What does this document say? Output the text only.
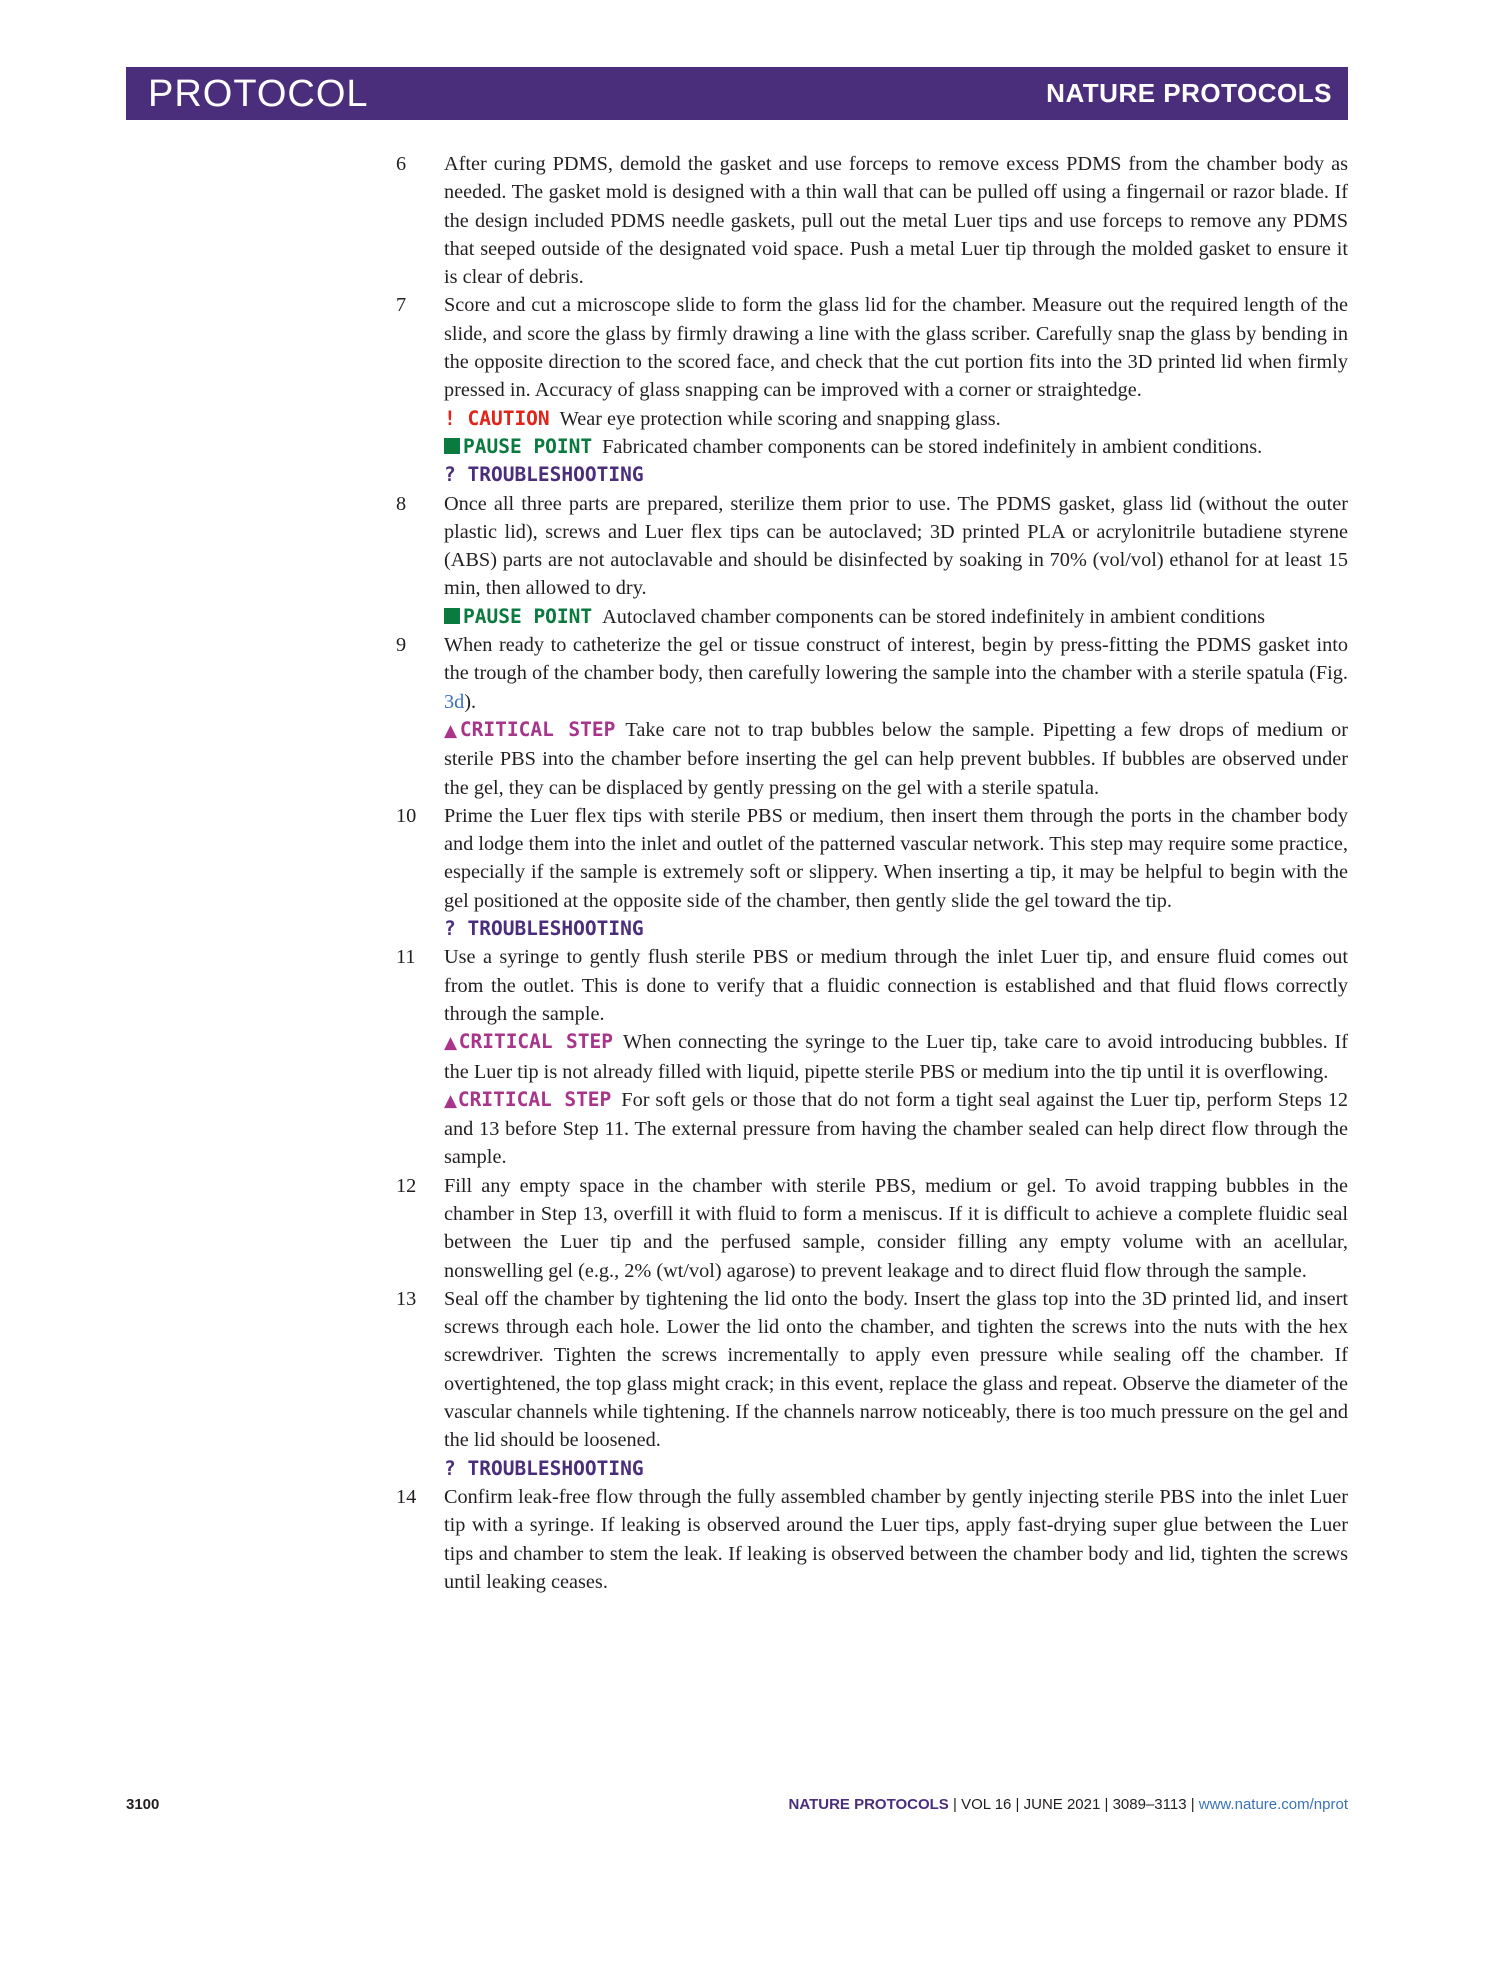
PROTOCOL	NATURE PROTOCOLS
6 After curing PDMS, demold the gasket and use forceps to remove excess PDMS from the chamber body as needed. The gasket mold is designed with a thin wall that can be pulled off using a fingernail or razor blade. If the design included PDMS needle gaskets, pull out the metal Luer tips and use forceps to remove any PDMS that seeped outside of the designated void space. Push a metal Luer tip through the molded gasket to ensure it is clear of debris.
7 Score and cut a microscope slide to form the glass lid for the chamber. Measure out the required length of the slide, and score the glass by firmly drawing a line with the glass scriber. Carefully snap the glass by bending in the opposite direction to the scored face, and check that the cut portion fits into the 3D printed lid when firmly pressed in. Accuracy of glass snapping can be improved with a corner or straightedge.
! CAUTION Wear eye protection while scoring and snapping glass.
PAUSE POINT Fabricated chamber components can be stored indefinitely in ambient conditions.
? TROUBLESHOOTING
8 Once all three parts are prepared, sterilize them prior to use. The PDMS gasket, glass lid (without the outer plastic lid), screws and Luer flex tips can be autoclaved; 3D printed PLA or acrylonitrile butadiene styrene (ABS) parts are not autoclavable and should be disinfected by soaking in 70% (vol/vol) ethanol for at least 15 min, then allowed to dry.
PAUSE POINT Autoclaved chamber components can be stored indefinitely in ambient conditions
9 When ready to catheterize the gel or tissue construct of interest, begin by press-fitting the PDMS gasket into the trough of the chamber body, then carefully lowering the sample into the chamber with a sterile spatula (Fig. 3d).
▲CRITICAL STEP Take care not to trap bubbles below the sample. Pipetting a few drops of medium or sterile PBS into the chamber before inserting the gel can help prevent bubbles. If bubbles are observed under the gel, they can be displaced by gently pressing on the gel with a sterile spatula.
10 Prime the Luer flex tips with sterile PBS or medium, then insert them through the ports in the chamber body and lodge them into the inlet and outlet of the patterned vascular network. This step may require some practice, especially if the sample is extremely soft or slippery. When inserting a tip, it may be helpful to begin with the gel positioned at the opposite side of the chamber, then gently slide the gel toward the tip.
? TROUBLESHOOTING
11 Use a syringe to gently flush sterile PBS or medium through the inlet Luer tip, and ensure fluid comes out from the outlet. This is done to verify that a fluidic connection is established and that fluid flows correctly through the sample.
▲CRITICAL STEP When connecting the syringe to the Luer tip, take care to avoid introducing bubbles. If the Luer tip is not already filled with liquid, pipette sterile PBS or medium into the tip until it is overflowing.
▲CRITICAL STEP For soft gels or those that do not form a tight seal against the Luer tip, perform Steps 12 and 13 before Step 11. The external pressure from having the chamber sealed can help direct flow through the sample.
12 Fill any empty space in the chamber with sterile PBS, medium or gel. To avoid trapping bubbles in the chamber in Step 13, overfill it with fluid to form a meniscus. If it is difficult to achieve a complete fluidic seal between the Luer tip and the perfused sample, consider filling any empty volume with an acellular, nonswelling gel (e.g., 2% (wt/vol) agarose) to prevent leakage and to direct fluid flow through the sample.
13 Seal off the chamber by tightening the lid onto the body. Insert the glass top into the 3D printed lid, and insert screws through each hole. Lower the lid onto the chamber, and tighten the screws into the nuts with the hex screwdriver. Tighten the screws incrementally to apply even pressure while sealing off the chamber. If overtightened, the top glass might crack; in this event, replace the glass and repeat. Observe the diameter of the vascular channels while tightening. If the channels narrow noticeably, there is too much pressure on the gel and the lid should be loosened.
? TROUBLESHOOTING
14 Confirm leak-free flow through the fully assembled chamber by gently injecting sterile PBS into the inlet Luer tip with a syringe. If leaking is observed around the Luer tips, apply fast-drying super glue between the Luer tips and chamber to stem the leak. If leaking is observed between the chamber body and lid, tighten the screws until leaking ceases.
3100	NATURE PROTOCOLS | VOL 16 | JUNE 2021 | 3089–3113 | www.nature.com/nprot
